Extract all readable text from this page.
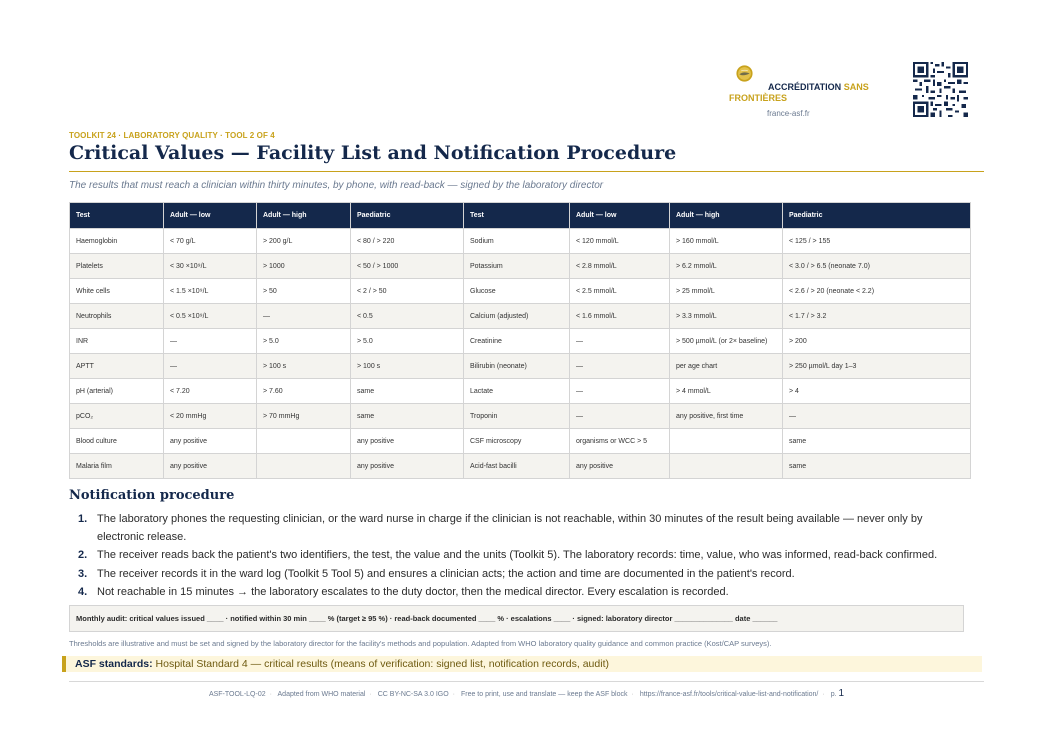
ACCRÉDITATION SANS FRONTIÈRES
france-asf.fr
TOOLKIT 24 · LABORATORY QUALITY · TOOL 2 OF 4
Critical Values — Facility List and Notification Procedure
The results that must reach a clinician within thirty minutes, by phone, with read-back — signed by the laboratory director
Test	Adult — low	Adult — high	Paediatric	Test	Adult — low	Adult — high	Paediatric
Haemoglobin	< 70 g/L	> 200 g/L	< 80 / > 220	Sodium	< 120 mmol/L	> 160 mmol/L	< 125 / > 155
Platelets	< 30 ×10⁹/L	> 1000	< 50 / > 1000	Potassium	< 2.8 mmol/L	> 6.2 mmol/L	< 3.0 / > 6.5 (neonate 7.0)
White cells	< 1.5 ×10⁹/L	> 50	< 2 / > 50	Glucose	< 2.5 mmol/L	> 25 mmol/L	< 2.6 / > 20 (neonate < 2.2)
Neutrophils	< 0.5 ×10⁹/L	—	< 0.5	Calcium (adjusted)	< 1.6 mmol/L	> 3.3 mmol/L	< 1.7 / > 3.2
INR	—	> 5.0	> 5.0	Creatinine	—	> 500 µmol/L (or 2× baseline)	> 200
APTT	—	> 100 s	> 100 s	Bilirubin (neonate)	—	per age chart	> 250 µmol/L day 1–3
pH (arterial)	< 7.20	> 7.60	same	Lactate	—	> 4 mmol/L	> 4
pCO₂	< 20 mmHg	> 70 mmHg	same	Troponin	—	any positive, first time	—
Blood culture	any positive		any positive	CSF microscopy	organisms or WCC > 5		same
Malaria film	any positive		any positive	Acid-fast bacilli	any positive		same
Notification procedure
1. The laboratory phones the requesting clinician, or the ward nurse in charge if the clinician is not reachable, within 30 minutes of the result being available — never only by electronic release.
2. The receiver reads back the patient's two identifiers, the test, the value and the units (Toolkit 5). The laboratory records: time, value, who was informed, read-back confirmed.
3. The receiver records it in the ward log (Toolkit 5 Tool 5) and ensures a clinician acts; the action and time are documented in the patient's record.
4. Not reachable in 15 minutes → the laboratory escalates to the duty doctor, then the medical director. Every escalation is recorded.
Monthly audit: critical values issued ____ · notified within 30 min ____ % (target ≥ 95 %) · read-back documented ____ % · escalations ____ · signed: laboratory director ______________ date ______
Thresholds are illustrative and must be set and signed by the laboratory director for the facility's methods and population. Adapted from WHO laboratory quality guidance and common practice (Kost/CAP surveys).
ASF standards: Hospital Standard 4 — critical results (means of verification: signed list, notification records, audit)
ASF-TOOL-LQ-02 · Adapted from WHO material · CC BY-NC-SA 3.0 IGO · Free to print, use and translate — keep the ASF block · https://france-asf.fr/tools/critical-value-list-and-notification/ · p. 1
